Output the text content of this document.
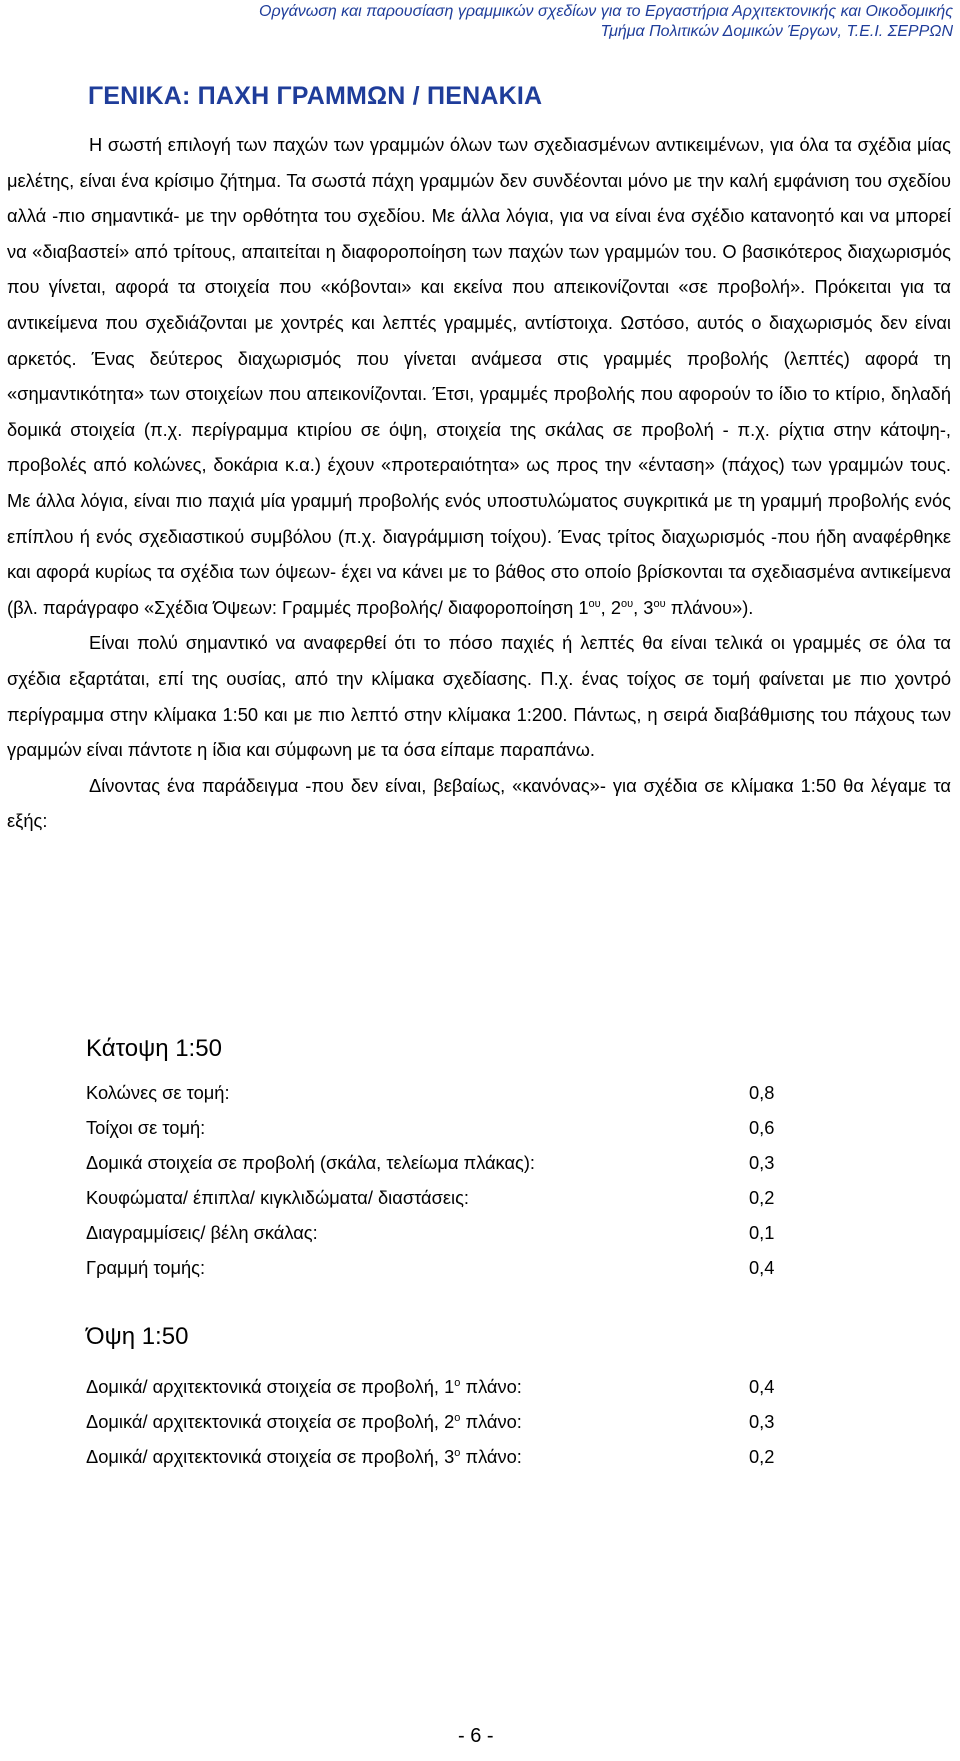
Οργάνωση και παρουσίαση γραμμικών σχεδίων για το Εργαστήρια Αρχιτεκτονικής και Οικοδομικής
Τμήμα Πολιτικών Δομικών Έργων, Τ.Ε.Ι. ΣΕΡΡΩΝ
ΓΕΝΙΚΑ: ΠΑΧΗ ΓΡΑΜΜΩΝ / ΠΕΝΑΚΙΑ

Η σωστή επιλογή των παχών των γραμμών όλων των σχεδιασμένων αντικειμένων, για όλα τα σχέδια μίας μελέτης, είναι ένα κρίσιμο ζήτημα. Τα σωστά πάχη γραμμών δεν συνδέονται μόνο με την καλή εμφάνιση του σχεδίου αλλά -πιο σημαντικά- με την ορθότητα του σχεδίου. Με άλλα λόγια, για να είναι ένα σχέδιο κατανοητό και να μπορεί να «διαβαστεί» από τρίτους, απαιτείται η διαφοροποίηση των παχών των γραμμών του. Ο βασικότερος διαχωρισμός που γίνεται, αφορά τα στοιχεία που «κόβονται» και εκείνα που απεικονίζονται «σε προβολή». Πρόκειται για τα αντικείμενα που σχεδιάζονται με χοντρές και λεπτές γραμμές, αντίστοιχα. Ωστόσο, αυτός ο διαχωρισμός δεν είναι αρκετός. Ένας δεύτερος διαχωρισμός που γίνεται ανάμεσα στις γραμμές προβολής (λεπτές) αφορά τη «σημαντικότητα» των στοιχείων που απεικονίζονται. Έτσι, γραμμές προβολής που αφορούν το ίδιο το κτίριο, δηλαδή δομικά στοιχεία (π.χ. περίγραμμα κτιρίου σε όψη, στοιχεία της σκάλας σε προβολή - π.χ. ρίχτια στην κάτοψη-, προβολές από κολώνες, δοκάρια κ.α.) έχουν «προτεραιότητα» ως προς την «ένταση» (πάχος) των γραμμών τους. Με άλλα λόγια, είναι πιο παχιά μία γραμμή προβολής ενός υποστυλώματος συγκριτικά με τη γραμμή προβολής ενός επίπλου ή ενός σχεδιαστικού συμβόλου (π.χ. διαγράμμιση τοίχου). Ένας τρίτος διαχωρισμός -που ήδη αναφέρθηκε και αφορά κυρίως τα σχέδια των όψεων- έχει να κάνει με το βάθος στο οποίο βρίσκονται τα σχεδιασμένα αντικείμενα (βλ. παράγραφο «Σχέδια Όψεων: Γραμμές προβολής/ διαφοροποίηση $1^{o\upsilon}$, $2^{o\upsilon}$, $3^{o\upsilon}$ πλάνου»).

Είναι πολύ σημαντικό να αναφερθεί ότι το πόσο παχιές ή λεπτές θα είναι τελικά οι γραμμές σε όλα τα σχέδια εξαρτάται, επί της ουσίας, από την κλίμακα σχεδίασης. Π.χ. ένας τοίχος σε τομή φαίνεται με πιο χοντρό περίγραμμα στην κλίμακα 1:50 και με πιο λεπτό στην κλίμακα 1:200. Πάντως, η σειρά διαβάθμισης του πάχους των γραμμών είναι πάντοτε η ίδια και σύμφωνη με τα όσα είπαμε παραπάνω.

Δίνοντας ένα παράδειγμα -που δεν είναι, βεβαίως, «κανόνας»- για σχέδια σε κλίμακα 1:50 θα λέγαμε τα εξής:

Κάτοψη 1:50
Κολώνες σε τομή:	0,8
Τοίχοι σε τομή:	0,6
Δομικά στοιχεία σε προβολή (σκάλα, τελείωμα πλάκας):	0,3
Κουφώματα/ έπιπλα/ κιγκλιδώματα/ διαστάσεις:	0,2
Διαγραμμίσεις/ βέλη σκάλας:	0,1
Γραμμή τομής:	0,4
Όψη 1:50
Δομικά/ αρχιτεκτονικά στοιχεία σε προβολή, $1^o$ πλάνο:	0,4
Δομικά/ αρχιτεκτονικά στοιχεία σε προβολή, $2^o$ πλάνο:	0,3
Δομικά/ αρχιτεκτονικά στοιχεία σε προβολή, $3^o$ πλάνο:	0,2
- 6 -
